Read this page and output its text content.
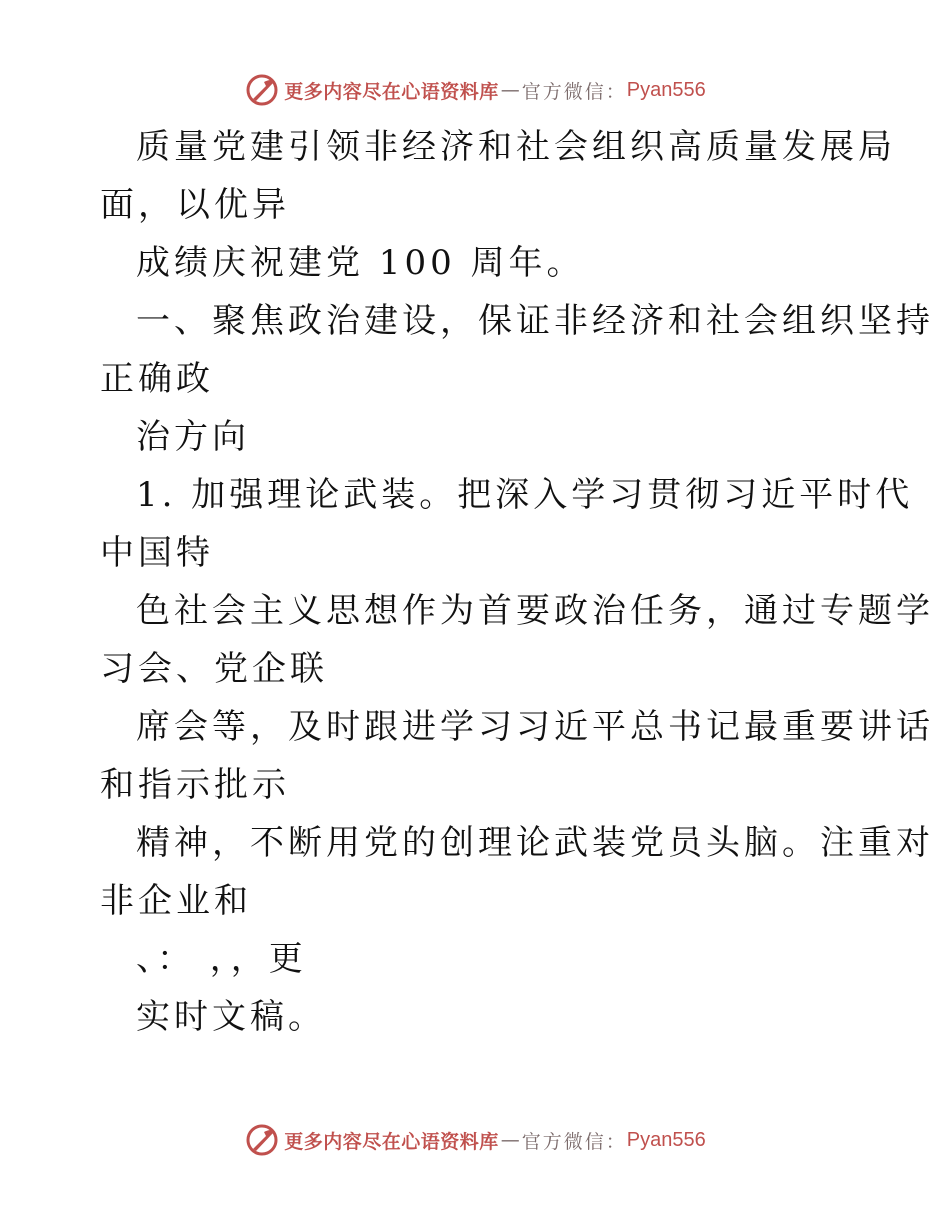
更多内容尽在心语资料库 — 官方微信： Pyan556
质量党建引领非经济和社会组织高质量发展局
面，以优异
成绩庆祝建党 100 周年。
一、聚焦政治建设，保证非经济和社会组织坚持
正确政
治方向
1. 加强理论武装。把深入学习贯彻习近平时代
中国特
色社会主义思想作为首要政治任务，通过专题学
习会、党企联
席会等，及时跟进学习习近平总书记最重要讲话
和指示批示
精神，不断用党的创理论武装党员头脑。注重对
非企业和
、： ，，更
实时文稿。
更多内容尽在心语资料库 — 官方微信： Pyan556
